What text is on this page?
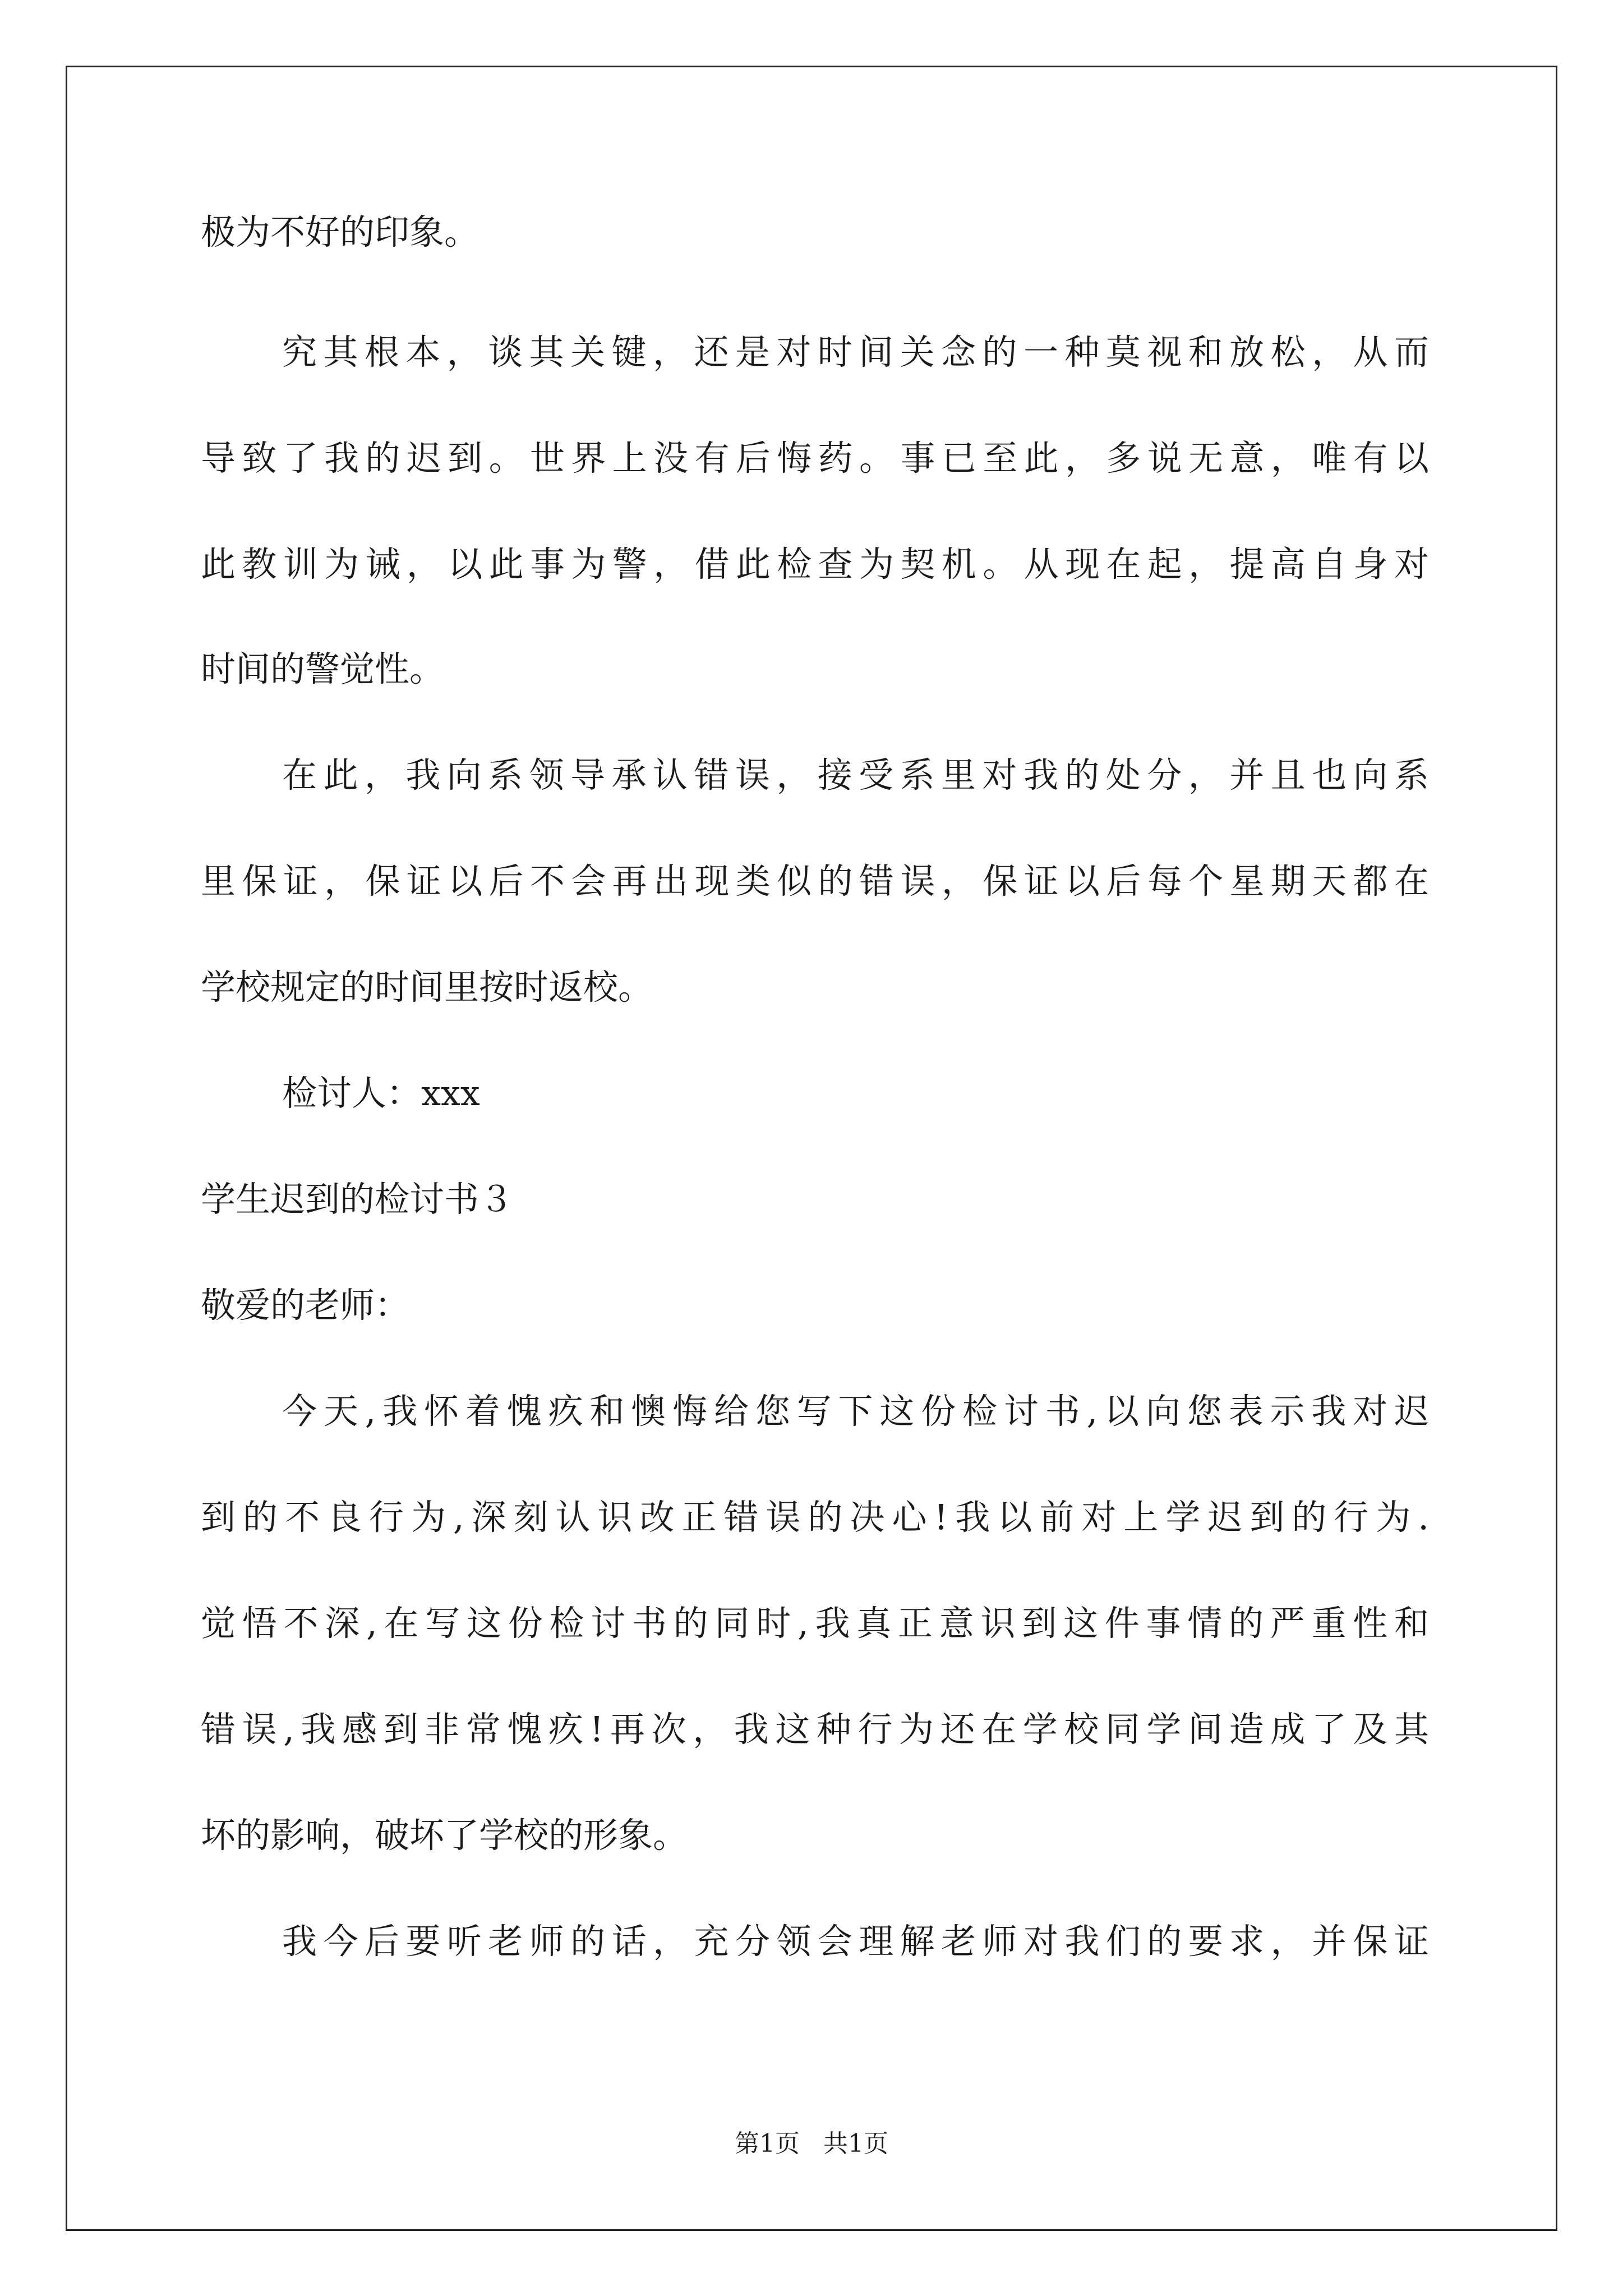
极为不好的印象。
究其根本，谈其关键，还是对时间关念的一种莫视和放松，从而
导致了我的迟到。世界上没有后悔药。事已至此，多说无意，唯有以
此教训为诫，以此事为警，借此检查为契机。从现在起，提高自身对
时间的警觉性。
在此，我向系领导承认错误，接受系里对我的处分，并且也向系
里保证，保证以后不会再出现类似的错误，保证以后每个星期天都在
学校规定的时间里按时返校。
检讨人：xxx
学生迟到的检讨书３
敬爱的老师：
今天,我怀着愧疚和懊悔给您写下这份检讨书,以向您表示我对迟
到的不良行为,深刻认识改正错误的决心!我以前对上学迟到的行为.
觉悟不深,在写这份检讨书的同时,我真正意识到这件事情的严重性和
错误,我感到非常愧疚!再次，我这种行为还在学校同学间造成了及其
坏的影响，破坏了学校的形象。
我今后要听老师的话，充分领会理解老师对我们的要求，并保证
第1页   共1页
